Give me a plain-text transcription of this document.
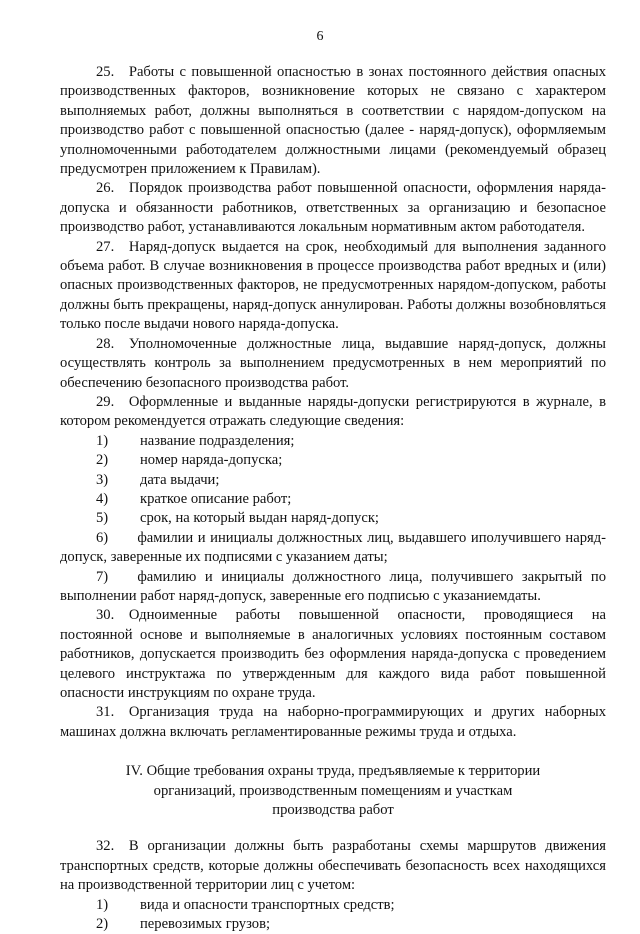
6

25. Работы с повышенной опасностью в зонах постоянного действия опасных производственных факторов, возникновение которых не связано с характером выполняемых работ, должны выполняться в соответствии с нарядом-допуском на производство работ с повышенной опасностью (далее - наряд-допуск), оформляемым уполномоченными работодателем должностными лицами (рекомендуемый образец предусмотрен приложением к Правилам).

26. Порядок производства работ повышенной опасности, оформления наряда-допуска и обязанности работников, ответственных за организацию и безопасное производство работ, устанавливаются локальным нормативным актом работодателя.

27. Наряд-допуск выдается на срок, необходимый для выполнения заданного объема работ. В случае возникновения в процессе производства работ вредных и (или) опасных производственных факторов, не предусмотренных нарядом-допуском, работы должны быть прекращены, наряд-допуск аннулирован. Работы должны возобновляться только после выдачи нового наряда-допуска.

28. Уполномоченные должностные лица, выдавшие наряд-допуск, должны осуществлять контроль за выполнением предусмотренных в нем мероприятий по обеспечению безопасного производства работ.

29. Оформленные и выданные наряды-допуски регистрируются в журнале, в котором рекомендуется отражать следующие сведения:

1)	название подразделения;
2)	номер наряда-допуска;
3)	дата выдачи;
4)	краткое описание работ;
5)	срок, на который выдан наряд-допуск;

6)  фамилии и инициалы должностных лиц, выдавшего иполучившего наряд-допуск, заверенные их подписями с указанием даты;

7)  фамилию и инициалы должностного лица, получившего закрытый по выполнении работ наряд-допуск, заверенные его подписью с указаниемдаты.

30. Одноименные работы повышенной опасности, проводящиеся на постоянной основе и выполняемые в аналогичных условиях постоянным составом работников, допускается производить без оформления наряда-допуска с проведением целевого инструктажа по утвержденным для каждого вида работ повышенной опасности инструкциям по охране труда.

31. Организация труда на наборно-программирующих и других наборных машинах должна включать регламентированные режимы труда и отдыха.

IV. Общие требования охраны труда, предъявляемые к территории
организаций, производственным помещениям и участкам
производства работ

32. В организации должны быть разработаны схемы маршрутов движения транспортных средств, которые должны обеспечивать безопасность всех находящихся на производственной территории лиц с учетом:

1)	вида и опасности транспортных средств;
2)	перевозимых грузов;
